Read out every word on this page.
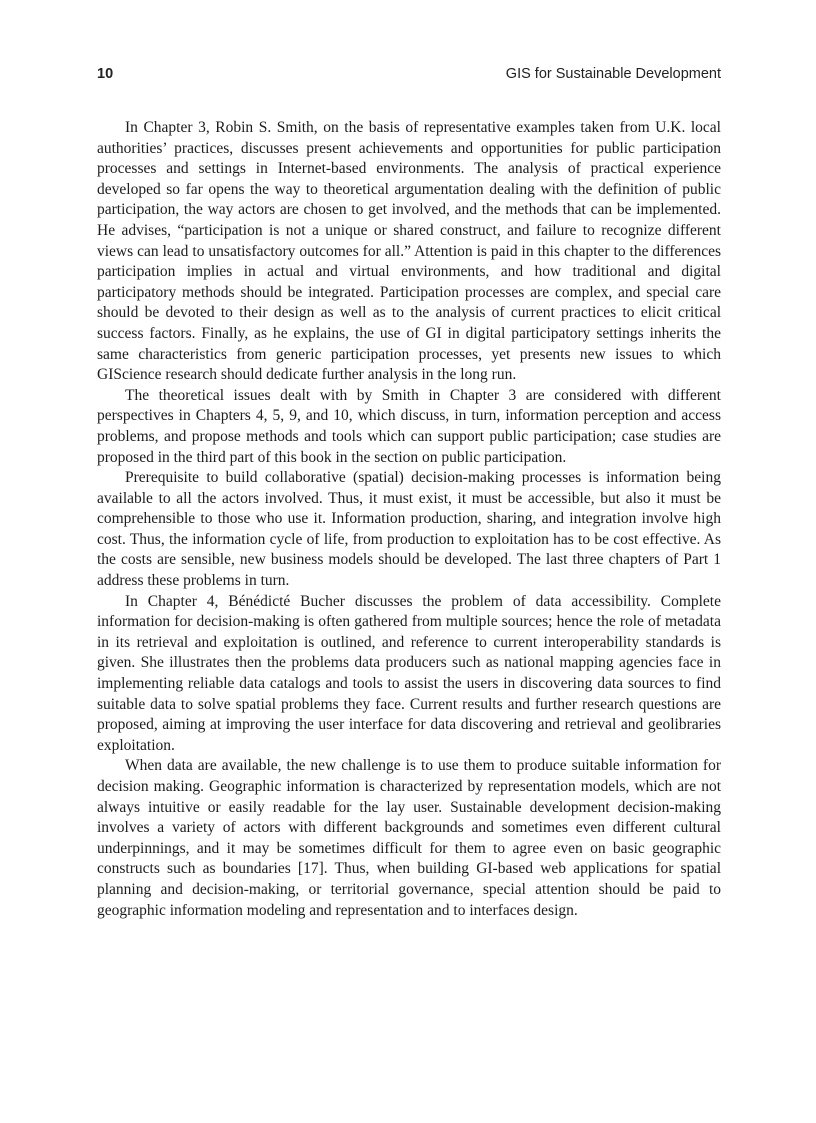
10	GIS for Sustainable Development

In Chapter 3, Robin S. Smith, on the basis of representative examples taken from U.K. local authorities’ practices, discusses present achievements and opportunities for public participation processes and settings in Internet-based environments. The analysis of practical experience developed so far opens the way to theoretical argumentation dealing with the definition of public participation, the way actors are chosen to get involved, and the methods that can be implemented. He advises, “participation is not a unique or shared construct, and failure to recognize different views can lead to unsatisfactory outcomes for all.” Attention is paid in this chapter to the differences participation implies in actual and virtual environments, and how traditional and digital participatory methods should be integrated. Participation processes are complex, and special care should be devoted to their design as well as to the analysis of current practices to elicit critical success factors. Finally, as he explains, the use of GI in digital participatory settings inherits the same characteristics from generic participation processes, yet presents new issues to which GIScience research should dedicate further analysis in the long run.

The theoretical issues dealt with by Smith in Chapter 3 are considered with different perspectives in Chapters 4, 5, 9, and 10, which discuss, in turn, information perception and access problems, and propose methods and tools which can support public participation; case studies are proposed in the third part of this book in the section on public participation.

Prerequisite to build collaborative (spatial) decision-making processes is information being available to all the actors involved. Thus, it must exist, it must be accessible, but also it must be comprehensible to those who use it. Information production, sharing, and integration involve high cost. Thus, the information cycle of life, from production to exploitation has to be cost effective. As the costs are sensible, new business models should be developed. The last three chapters of Part 1 address these problems in turn.

In Chapter 4, Bénédicté Bucher discusses the problem of data accessibility. Complete information for decision-making is often gathered from multiple sources; hence the role of metadata in its retrieval and exploitation is outlined, and reference to current interoperability standards is given. She illustrates then the problems data producers such as national mapping agencies face in implementing reliable data catalogs and tools to assist the users in discovering data sources to find suitable data to solve spatial problems they face. Current results and further research questions are proposed, aiming at improving the user interface for data discovering and retrieval and geolibraries exploitation.

When data are available, the new challenge is to use them to produce suitable information for decision making. Geographic information is characterized by representation models, which are not always intuitive or easily readable for the lay user. Sustainable development decision-making involves a variety of actors with different backgrounds and sometimes even different cultural underpinnings, and it may be sometimes difficult for them to agree even on basic geographic constructs such as boundaries [17]. Thus, when building GI-based web applications for spatial planning and decision-making, or territorial governance, special attention should be paid to geographic information modeling and representation and to interfaces design.
